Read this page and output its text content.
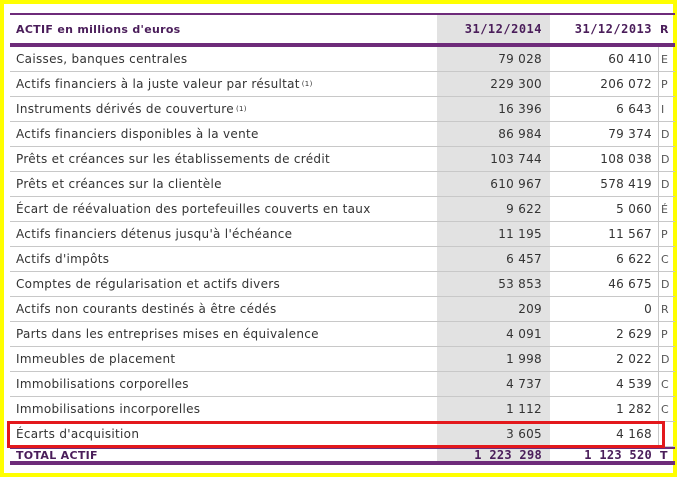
ACTIF en millions d'euros	31/12/2014	31/12/2013 R
Caisses, banques centrales	79 028	60 410 E
Actifs financiers à la juste valeur par résultat (1)	229 300	206 072 P
Instruments dérivés de couverture (1)	16 396	6 643 I
Actifs financiers disponibles à la vente	86 984	79 374 D
Prêts et créances sur les établissements de crédit	103 744	108 038 D
Prêts et créances sur la clientèle	610 967	578 419 D
Écart de réévaluation des portefeuilles couverts en taux	9 622	5 060 É
Actifs financiers détenus jusqu'à l'échéance	11 195	11 567 P
Actifs d'impôts	6 457	6 622 C
Comptes de régularisation et actifs divers	53 853	46 675 D
Actifs non courants destinés à être cédés	209	0 R
Parts dans les entreprises mises en équivalence	4 091	2 629 P
Immeubles de placement	1 998	2 022 D
Immobilisations corporelles	4 737	4 539 C
Immobilisations incorporelles	1 112	1 282 C
Écarts d'acquisition	3 605	4 168
TOTAL ACTIF	1 223 298	1 123 520 T
